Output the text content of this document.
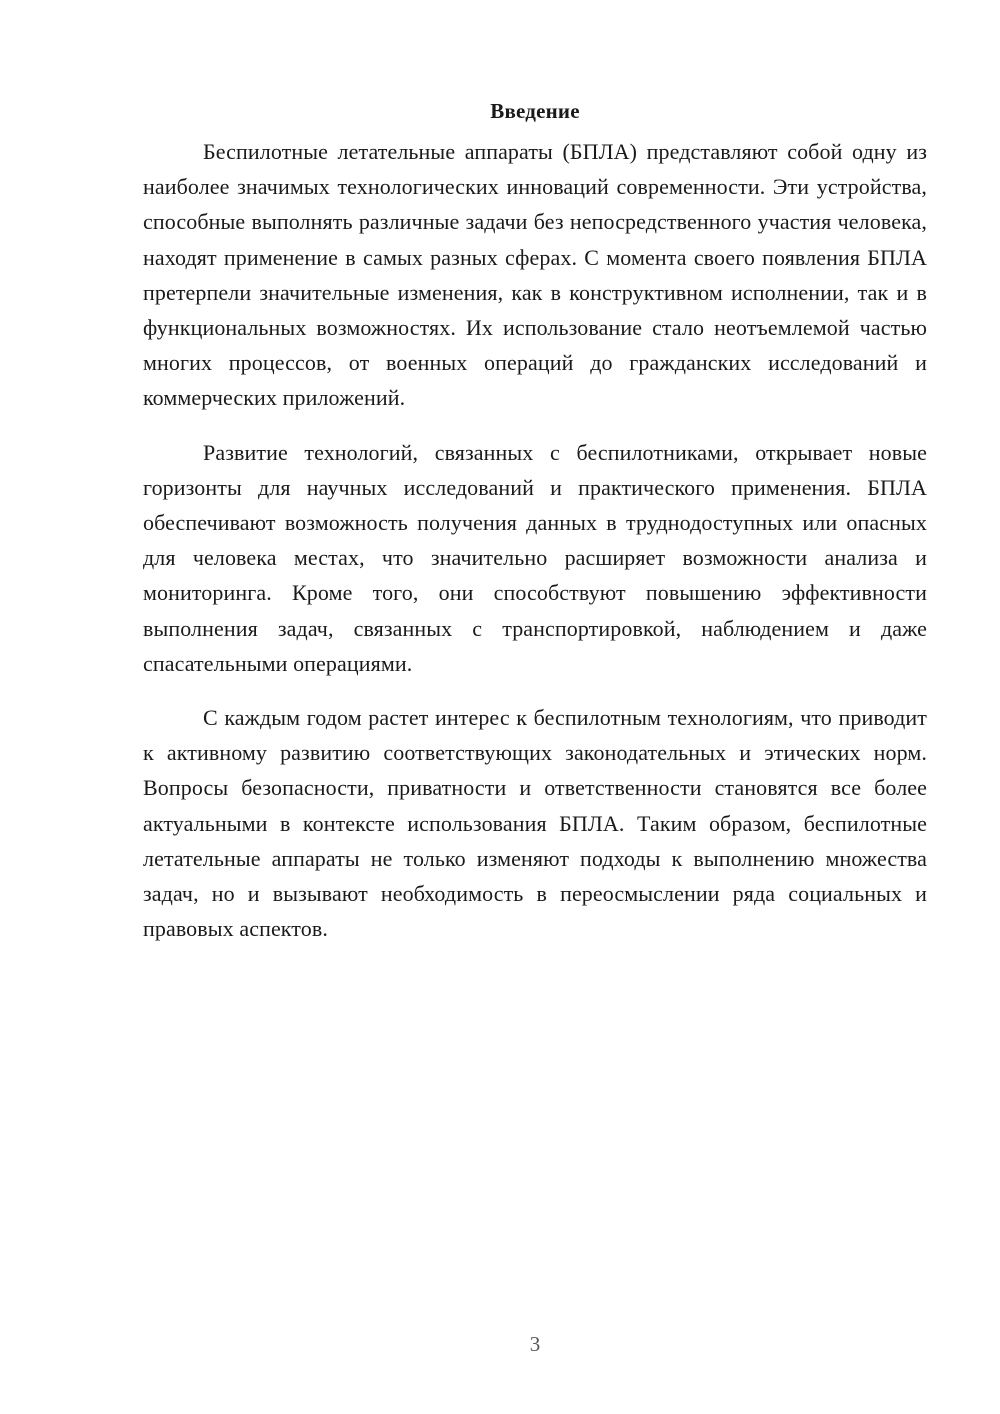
Введение

Беспилотные летательные аппараты (БПЛА) представляют собой одну из наиболее значимых технологических инноваций современности. Эти устройства, способные выполнять различные задачи без непосредственного участия человека, находят применение в самых разных сферах. С момента своего появления БПЛА претерпели значительные изменения, как в конструктивном исполнении, так и в функциональных возможностях. Их использование стало неотъемлемой частью многих процессов, от военных операций до гражданских исследований и коммерческих приложений.

Развитие технологий, связанных с беспилотниками, открывает новые горизонты для научных исследований и практического применения. БПЛА обеспечивают возможность получения данных в труднодоступных или опасных для человека местах, что значительно расширяет возможности анализа и мониторинга. Кроме того, они способствуют повышению эффективности выполнения задач, связанных с транспортировкой, наблюдением и даже спасательными операциями.

С каждым годом растет интерес к беспилотным технологиям, что приводит к активному развитию соответствующих законодательных и этических норм. Вопросы безопасности, приватности и ответственности становятся все более актуальными в контексте использования БПЛА. Таким образом, беспилотные летательные аппараты не только изменяют подходы к выполнению множества задач, но и вызывают необходимость в переосмыслении ряда социальных и правовых аспектов.

3
